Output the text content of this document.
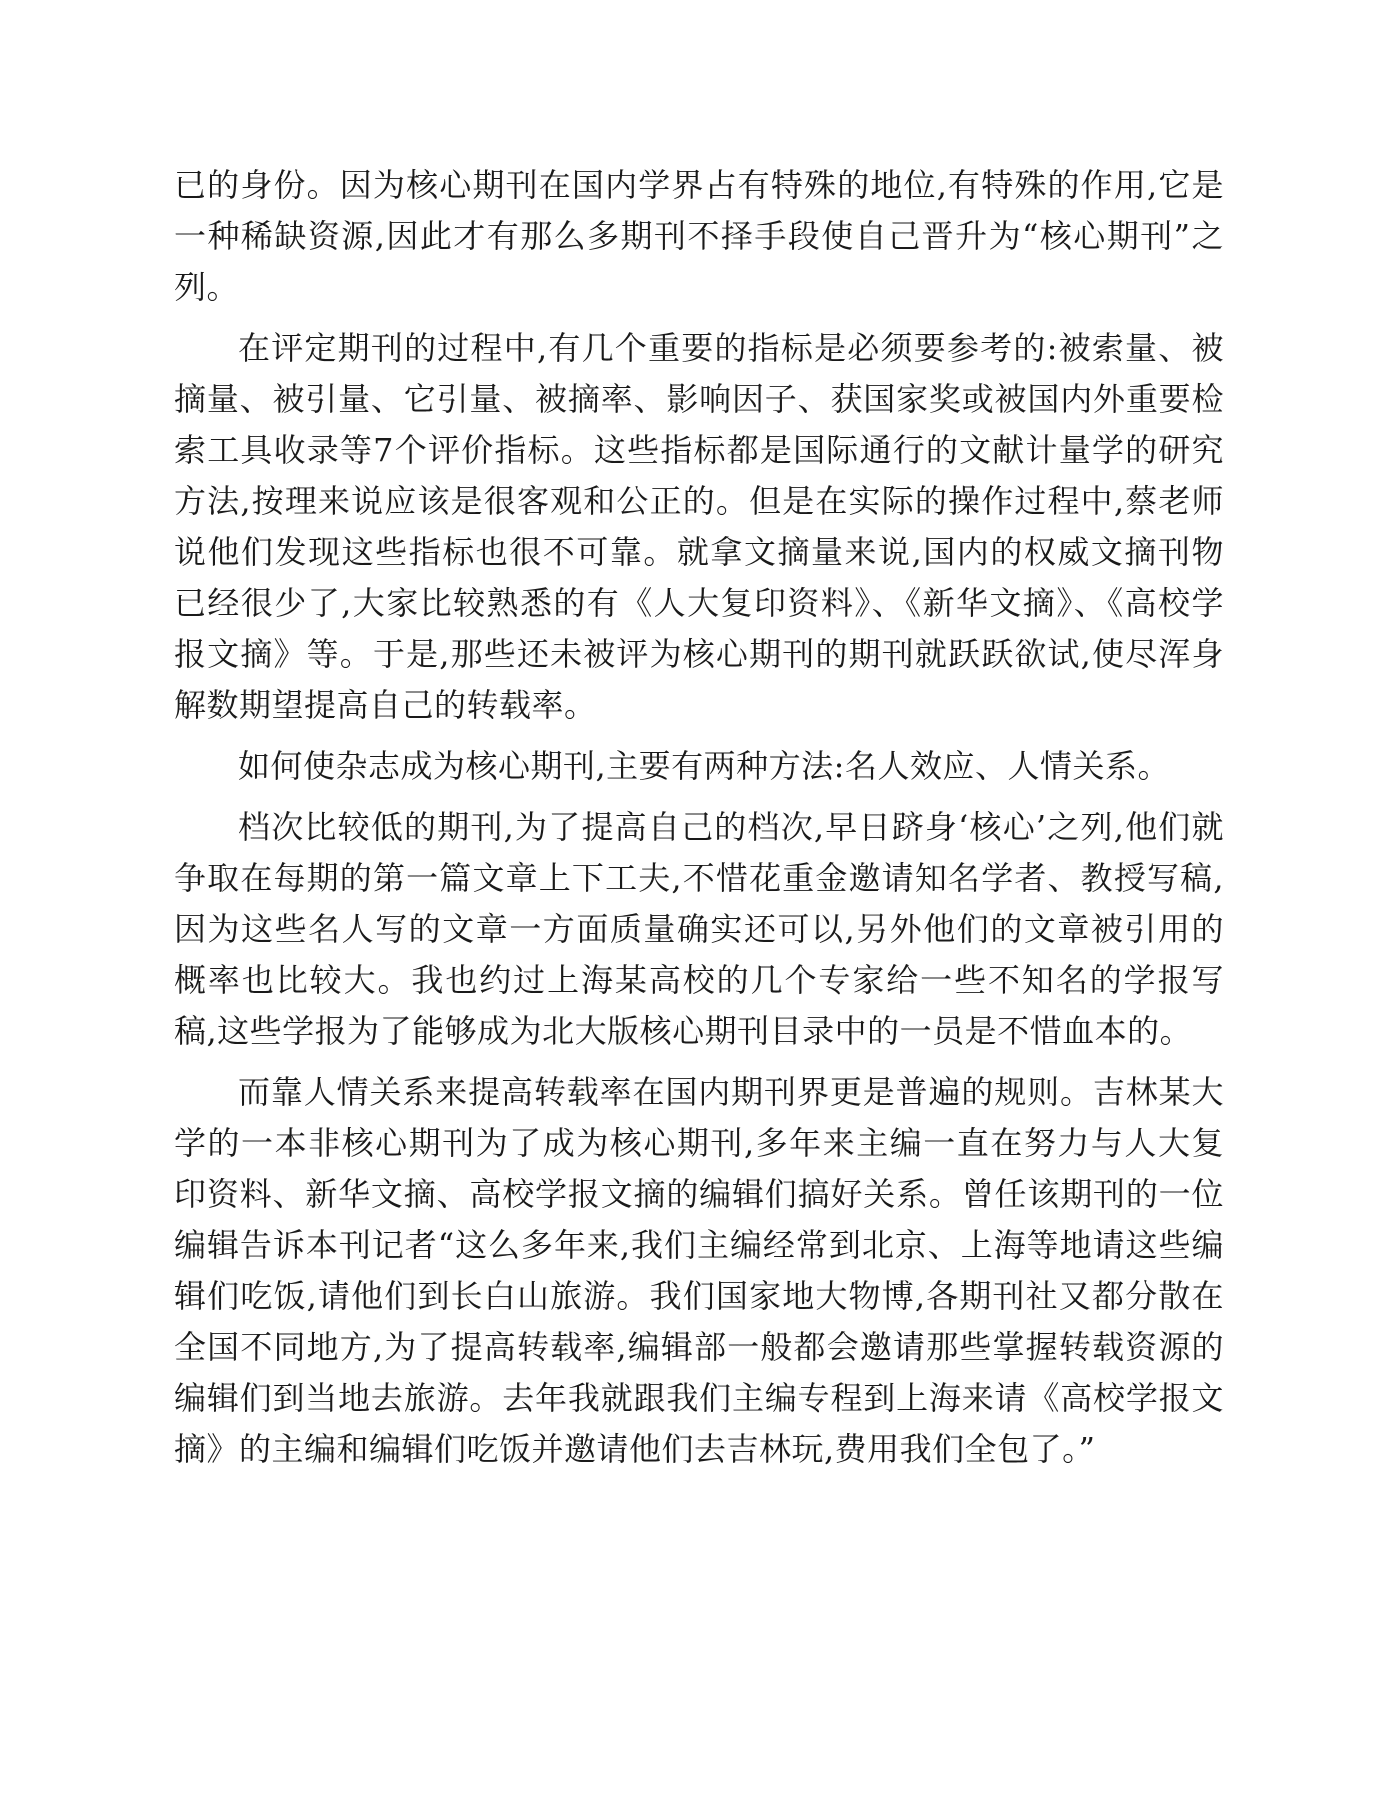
已的身份。因为核心期刊在国内学界占有特殊的地位,有特殊的作用,它是一种稀缺资源,因此才有那么多期刊不择手段使自己晋升为“核心期刊”之列。

在评定期刊的过程中,有几个重要的指标是必须要参考的:被索量、被摘量、被引量、它引量、被摘率、影响因子、获国家奖或被国内外重要检索工具收录等7个评价指标。这些指标都是国际通行的文献计量学的研究方法,按理来说应该是很客观和公正的。但是在实际的操作过程中,蔡老师说他们发现这些指标也很不可靠。就拿文摘量来说,国内的权威文摘刊物已经很少了,大家比较熟悉的有《人大复印资料》、《新华文摘》、《高校学报文摘》等。于是,那些还未被评为核心期刊的期刊就跃跃欲试,使尽浑身解数期望提高自己的转载率。

如何使杂志成为核心期刊,主要有两种方法:名人效应、人情关系。

档次比较低的期刊,为了提高自己的档次,早日跻身‘核心’之列,他们就争取在每期的第一篇文章上下工夫,不惜花重金邀请知名学者、教授写稿,因为这些名人写的文章一方面质量确实还可以,另外他们的文章被引用的概率也比较大。我也约过上海某高校的几个专家给一些不知名的学报写稿,这些学报为了能够成为北大版核心期刊目录中的一员是不惜血本的。

而靠人情关系来提高转载率在国内期刊界更是普遍的规则。吉林某大学的一本非核心期刊为了成为核心期刊,多年来主编一直在努力与人大复印资料、新华文摘、高校学报文摘的编辑们搞好关系。曾任该期刊的一位编辑告诉本刊记者“这么多年来,我们主编经常到北京、上海等地请这些编辑们吃饭,请他们到长白山旅游。我们国家地大物博,各期刊社又都分散在全国不同地方,为了提高转载率,编辑部一般都会邀请那些掌握转载资源的编辑们到当地去旅游。去年我就跟我们主编专程到上海来请《高校学报文摘》的主编和编辑们吃饭并邀请他们去吉林玩,费用我们全包了。”
